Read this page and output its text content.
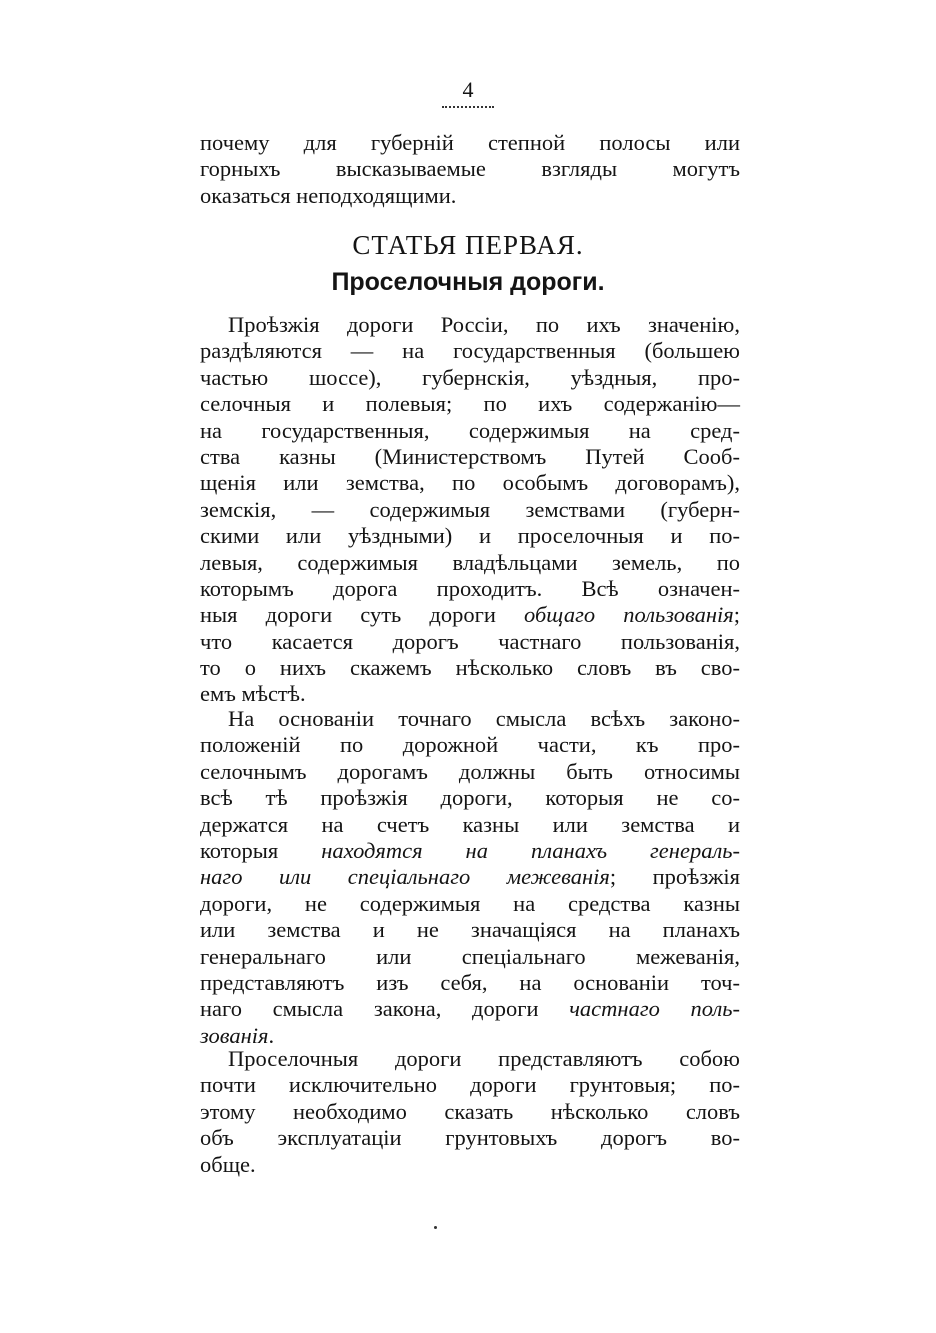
4
почему для губерній степной полосы или
горныхъ высказываемые взгляды могутъ
оказаться неподходящими.
СТАТЬЯ ПЕРВАЯ.
Проселочныя дороги.
Проѣзжія дороги Россіи, по ихъ значенію,
раздѣляются — на государственныя (большею
частью шоссе), губернскія, уѣздныя, про-
селочныя и полевыя; по ихъ содержанію—
на государственныя, содержимыя на сред-
ства казны (Министерствомъ Путей Сооб-
щенія или земства, по особымъ договорамъ),
земскія, — содержимыя земствами (губерн-
скими или уѣздными) и проселочныя и по-
левыя, содержимыя владѣльцами земель, по
которымъ дорога проходитъ. Всѣ означен-
ныя дороги суть дороги общаго пользованія;
что касается дорогъ частнаго пользованія,
то о нихъ скажемъ нѣсколько словъ въ сво-
емъ мѣстѣ.
На основаніи точнаго смысла всѣхъ законо-
положеній по дорожной части, къ про-
селочнымъ дорогамъ должны быть относимы
всѣ тѣ проѣзжія дороги, которыя не со-
держатся на счетъ казны или земства и
которыя находятся на планахъ генераль-
наго или спеціальнаго межеванія; проѣзжія
дороги, не содержимыя на средства казны
или земства и не значащіяся на планахъ
генеральнаго или спеціальнаго межеванія,
представляютъ изъ себя, на основаніи точ-
наго смысла закона, дороги частнаго поль-
зованія.
Проселочныя дороги представляютъ собою
почти исключительно дороги грунтовыя; по-
этому необходимо сказать нѣсколько словъ
объ эксплуатаціи грунтовыхъ дорогъ во-
обще.
